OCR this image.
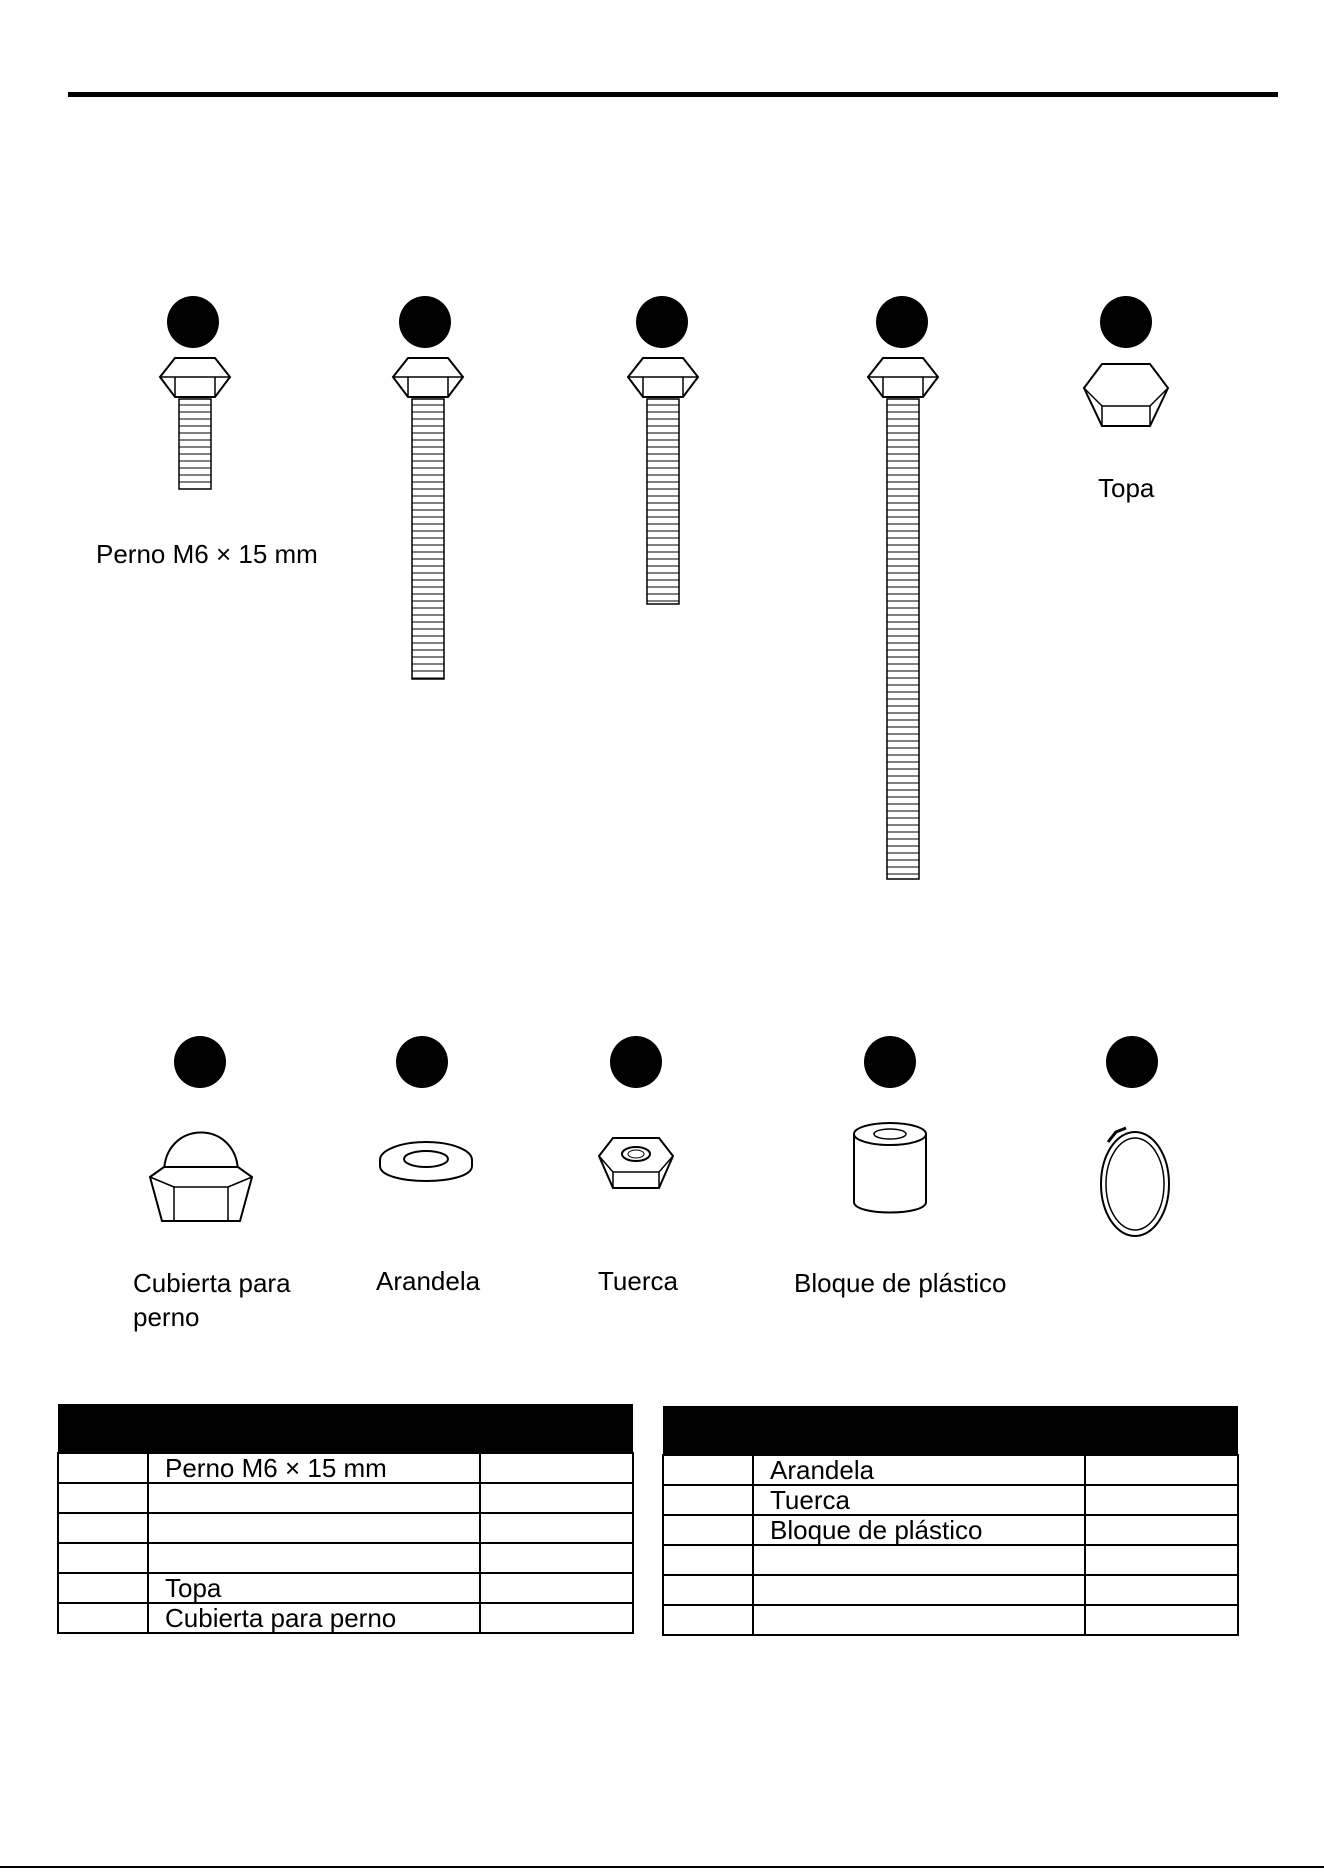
Perno M6 × 15 mm
Topa
Cubierta para perno
Arandela	Tuerca	Bloque de plástico

	Perno M6 × 15 mm	

	Topa	
	Cubierta para perno	

	Arandela	
	Tuerca	
	Bloque de plástico	
